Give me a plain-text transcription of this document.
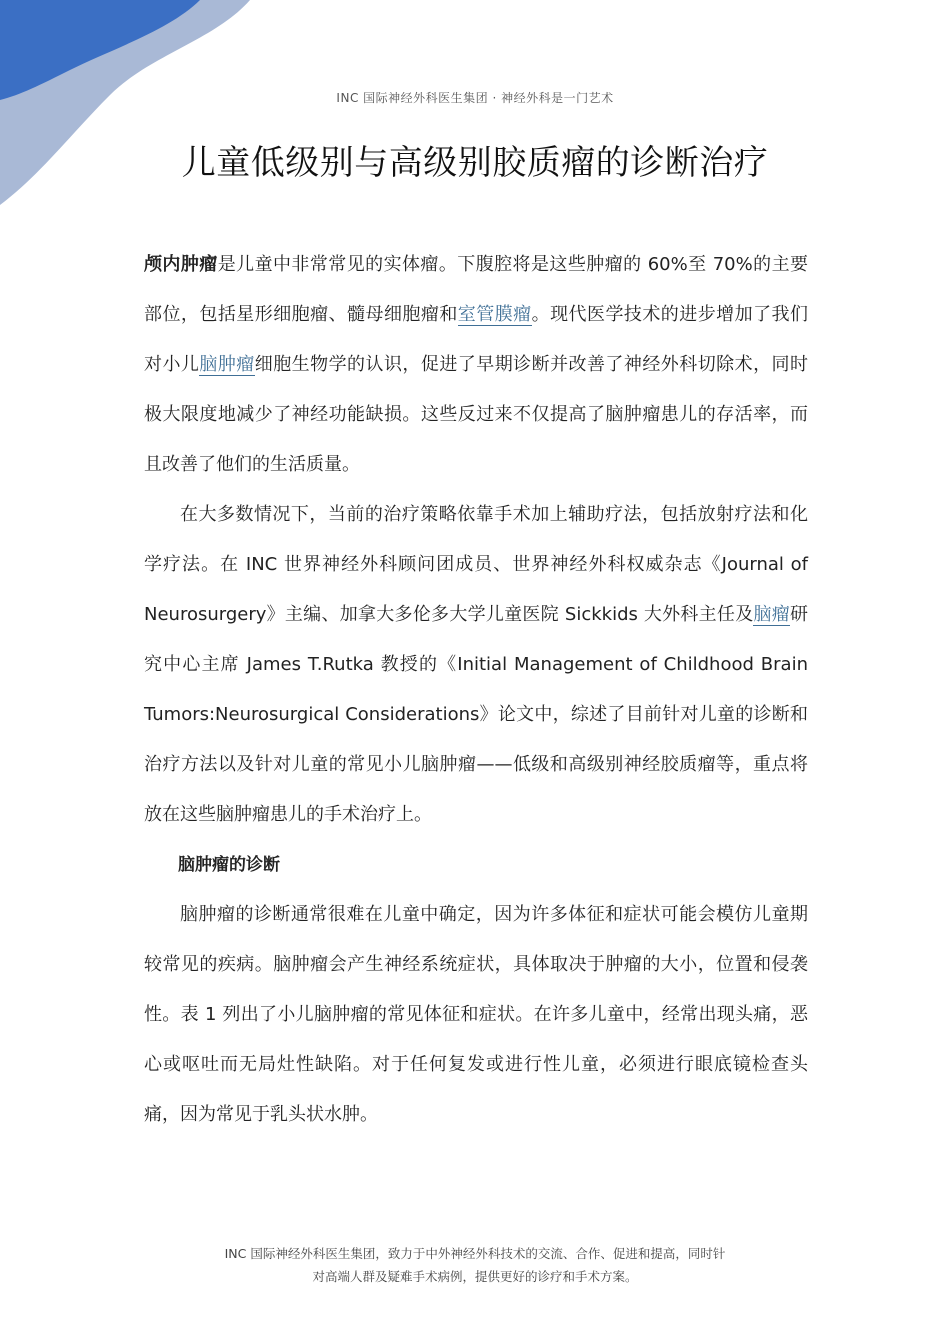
INC 国际神经外科医生集团 · 神经外科是一门艺术
儿童低级别与高级别胶质瘤的诊断治疗

颅内肿瘤是儿童中非常常见的实体瘤。下腹腔将是这些肿瘤的 60%至 70%的主要部位，包括星形细胞瘤、髓母细胞瘤和室管膜瘤。现代医学技术的进步增加了我们对小儿脑肿瘤细胞生物学的认识，促进了早期诊断并改善了神经外科切除术，同时极大限度地减少了神经功能缺损。这些反过来不仅提高了脑肿瘤患儿的存活率，而且改善了他们的生活质量。

在大多数情况下，当前的治疗策略依靠手术加上辅助疗法，包括放射疗法和化学疗法。在 INC 世界神经外科顾问团成员、世界神经外科权威杂志《Journal of Neurosurgery》主编、加拿大多伦多大学儿童医院 Sickkids 大外科主任及脑瘤研究中心主席 James T.Rutka 教授的《Initial Management of Childhood Brain Tumors:Neurosurgical Considerations》论文中，综述了目前针对儿童的诊断和治疗方法以及针对儿童的常见小儿脑肿瘤——低级和高级别神经胶质瘤等，重点将放在这些脑肿瘤患儿的手术治疗上。

脑肿瘤的诊断

脑肿瘤的诊断通常很难在儿童中确定，因为许多体征和症状可能会模仿儿童期较常见的疾病。脑肿瘤会产生神经系统症状，具体取决于肿瘤的大小，位置和侵袭性。表 1 列出了小儿脑肿瘤的常见体征和症状。在许多儿童中，经常出现头痛，恶心或呕吐而无局灶性缺陷。对于任何复发或进行性儿童，必须进行眼底镜检查头痛，因为常见于乳头状水肿。

INC 国际神经外科医生集团，致力于中外神经外科技术的交流、合作、促进和提高，同时针
对高端人群及疑难手术病例，提供更好的诊疗和手术方案。
